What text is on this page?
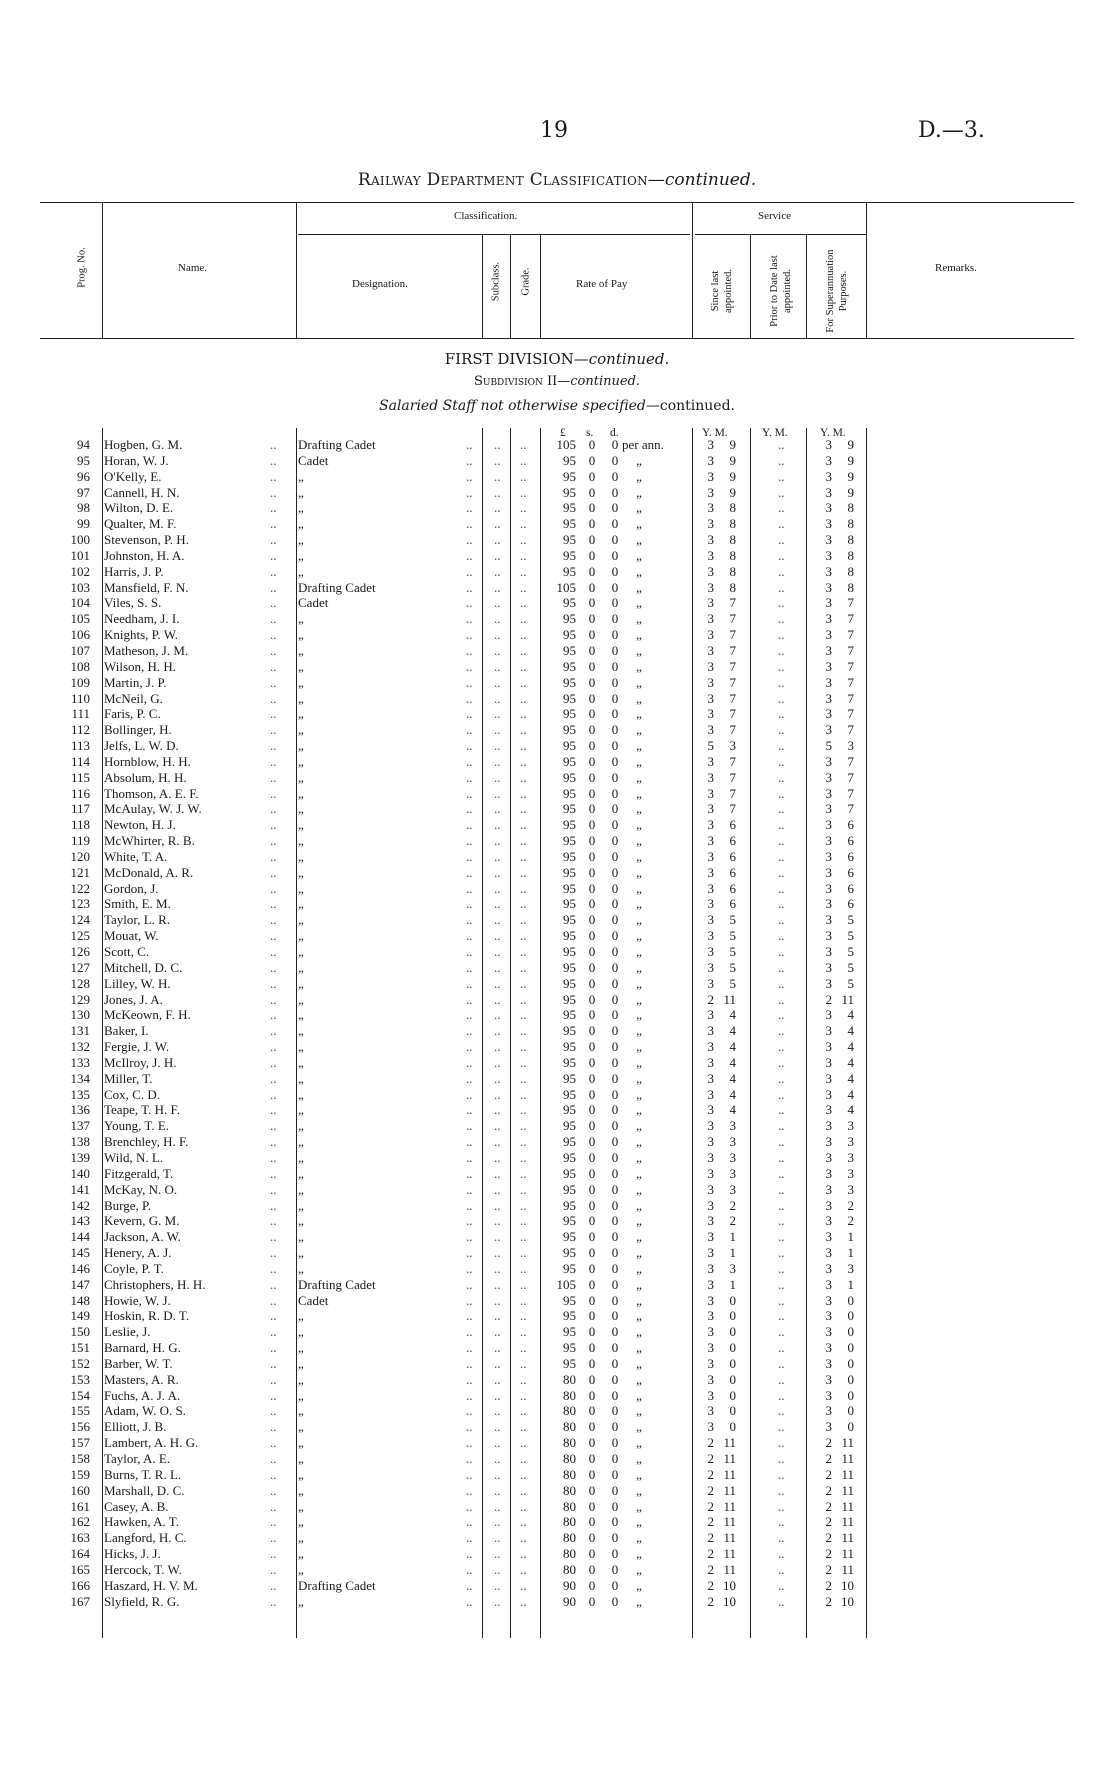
19	D.—3.
Railway Department Classification—continued.
Prog. No.	Name.
Classification.
Designation.	Subclass. Grade.	Rate of Pay
Service
Since last appointed.	Prior to Date last appointed.	For Superannuation Purposes.
Remarks.
FIRST DIVISION—continued.
Subdivision II—continued.
Salaried Staff not otherwise specified—continued.
£ s. d.	Y. M.	Y. M.	Y. M.
94 Hogben, G. M.	.. Drafting Cadet	.. .. ..	105 0 0 per ann.	3	9	..	3	9
95 Horan, W. J.	.. Cadet	.. .. ..	95 0 0	„	3	9	..	3	9
96 O'Kelly, E.	.. „	.. .. ..	95 0 0	„	3	9	..	3	9
97 Cannell, H. N.	.. „	.. .. ..	95 0 0	„	3	9	..	3	9
98 Wilton, D. E.	.. „	.. .. ..	95 0 0	„	3	8	..	3	8
99 Qualter, M. F.	.. „	.. .. ..	95 0 0	„	3	8	..	3	8
100 Stevenson, P. H.	.. „	.. .. ..	95 0 0	„	3	8	..	3	8
101 Johnston, H. A.	.. „	.. .. ..	95 0 0	„	3	8	..	3	8
102 Harris, J. P.	.. „	.. .. ..	95 0 0	„	3	8	..	3	8
103 Mansfield, F. N.	.. Drafting Cadet	.. .. ..	105 0 0	„	3	8	..	3	8
104 Viles, S. S.	.. Cadet	.. .. ..	95 0 0	„	3	7	..	3	7
105 Needham, J. I.	.. „	.. .. ..	95 0 0	„	3	7	..	3	7
106 Knights, P. W.	.. „	.. .. ..	95 0 0	„	3	7	..	3	7
107 Matheson, J. M.	.. „	.. .. ..	95 0 0	„	3	7	..	3	7
108 Wilson, H. H.	.. „	.. .. ..	95 0 0	„	3	7	..	3	7
109 Martin, J. P.	.. „	.. .. ..	95 0 0	„	3	7	..	3	7
110 McNeil, G.	.. „	.. .. ..	95 0 0	„	3	7	..	3	7
111 Faris, P. C.	.. „	.. .. ..	95 0 0	„	3	7	..	3	7
112 Bollinger, H.	.. „	.. .. ..	95 0 0	„	3	7	..	3	7
113 Jelfs, L. W. D.	.. „	.. .. ..	95 0 0	„	5	3	..	5	3
114 Hornblow, H. H.	.. „	.. .. ..	95 0 0	„	3	7	..	3	7
115 Absolum, H. H.	.. „	.. .. ..	95 0 0	„	3	7	..	3	7
116 Thomson, A. E. F.	.. „	.. .. ..	95 0 0	„	3	7	..	3	7
117 McAulay, W. J. W.	.. „	.. .. ..	95 0 0	„	3	7	..	3	7
118 Newton, H. J.	.. „	.. .. ..	95 0 0	„	3	6	..	3	6
119 McWhirter, R. B.	.. „	.. .. ..	95 0 0	„	3	6	..	3	6
120 White, T. A.	.. „	.. .. ..	95 0 0	„	3	6	..	3	6
121 McDonald, A. R.	.. „	.. .. ..	95 0 0	„	3	6	..	3	6
122 Gordon, J.	.. „	.. .. ..	95 0 0	„	3	6	..	3	6
123 Smith, E. M.	.. „	.. .. ..	95 0 0	„	3	6	..	3	6
124 Taylor, L. R.	.. „	.. .. ..	95 0 0	„	3	5	..	3	5
125 Mouat, W.	.. „	.. .. ..	95 0 0	„	3	5	..	3	5
126 Scott, C.	.. „	.. .. ..	95 0 0	„	3	5	..	3	5
127 Mitchell, D. C.	.. „	.. .. ..	95 0 0	„	3	5	..	3	5
128 Lilley, W. H.	.. „	.. .. ..	95 0 0	„	3	5	..	3	5
129 Jones, J. A.	.. „	.. .. ..	95 0 0	„	2 11	..	2 11
130 McKeown, F. H.	.. „	.. .. ..	95 0 0	„	3	4	..	3	4
131 Baker, I.	.. „	.. .. ..	95 0 0	„	3	4	..	3	4
132 Fergie, J. W.	.. „	.. .. ..	95 0 0	„	3	4	..	3	4
133 McIlroy, J. H.	.. „	.. .. ..	95 0 0	„	3	4	..	3	4
134 Miller, T.	.. „	.. .. ..	95 0 0	„	3	4	..	3	4
135 Cox, C. D.	.. „	.. .. ..	95 0 0	„	3	4	..	3	4
136 Teape, T. H. F.	.. „	.. .. ..	95 0 0	„	3	4	..	3	4
137 Young, T. E.	.. „	.. .. ..	95 0 0	„	3	3	..	3	3
138 Brenchley, H. F.	.. „	.. .. ..	95 0 0	„	3	3	..	3	3
139 Wild, N. L.	.. „	.. .. ..	95 0 0	„	3	3	..	3	3
140 Fitzgerald, T.	.. „	.. .. ..	95 0 0	„	3	3	..	3	3
141 McKay, N. O.	.. „	.. .. ..	95 0 0	„	3	3	..	3	3
142 Burge, P.	.. „	.. .. ..	95 0 0	„	3	2	..	3	2
143 Kevern, G. M.	.. „	.. .. ..	95 0 0	„	3	2	..	3	2
144 Jackson, A. W.	.. „	.. .. ..	95 0 0	„	3	1	..	3	1
145 Henery, A. J.	.. „	.. .. ..	95 0 0	„	3	1	..	3	1
146 Coyle, P. T.	.. „	.. .. ..	95 0 0	„	3	3	..	3	3
147 Christophers, H. H.	.. Drafting Cadet	.. .. ..	105 0 0	„	3	1	..	3	1
148 Howie, W. J.	.. Cadet	.. .. ..	95 0 0	„	3	0	..	3	0
149 Hoskin, R. D. T.	.. „	.. .. ..	95 0 0	„	3	0	..	3	0
150 Leslie, J.	.. „	.. .. ..	95 0 0	„	3	0	..	3	0
151 Barnard, H. G.	.. „	.. .. ..	95 0 0	„	3	0	..	3	0
152 Barber, W. T.	.. „	.. .. ..	95 0 0	„	3	0	..	3	0
153 Masters, A. R.	.. „	.. .. ..	80 0 0	„	3	0	..	3	0
154 Fuchs, A. J. A.	.. „	.. .. ..	80 0 0	„	3	0	..	3	0
155 Adam, W. O. S.	.. „	.. .. ..	80 0 0	„	3	0	..	3	0
156 Elliott, J. B.	.. „	.. .. ..	80 0 0	„	3	0	..	3	0
157 Lambert, A. H. G.	.. „	.. .. ..	80 0 0	„	2 11	..	2 11
158 Taylor, A. E.	.. „	.. .. ..	80 0 0	„	2 11	..	2 11
159 Burns, T. R. L.	.. „	.. .. ..	80 0 0	„	2 11	..	2 11
160 Marshall, D. C.	.. „	.. .. ..	80 0 0	„	2 11	..	2 11
161 Casey, A. B.	.. „	.. .. ..	80 0 0	„	2 11	..	2 11
162 Hawken, A. T.	.. „	.. .. ..	80 0 0	„	2 11	..	2 11
163 Langford, H. C.	.. „	.. .. ..	80 0 0	„	2 11	..	2 11
164 Hicks, J. J.	.. „	.. .. ..	80 0 0	„	2 11	..	2 11
165 Hercock, T. W.	.. „	.. .. ..	80 0 0	„	2 11	..	2 11
166 Haszard, H. V. M.	.. Drafting Cadet	.. .. ..	90 0 0	„	2 10	..	2 10
167 Slyfield, R. G.	.. „	.. .. ..	90 0 0	„	2 10	..	2 10
